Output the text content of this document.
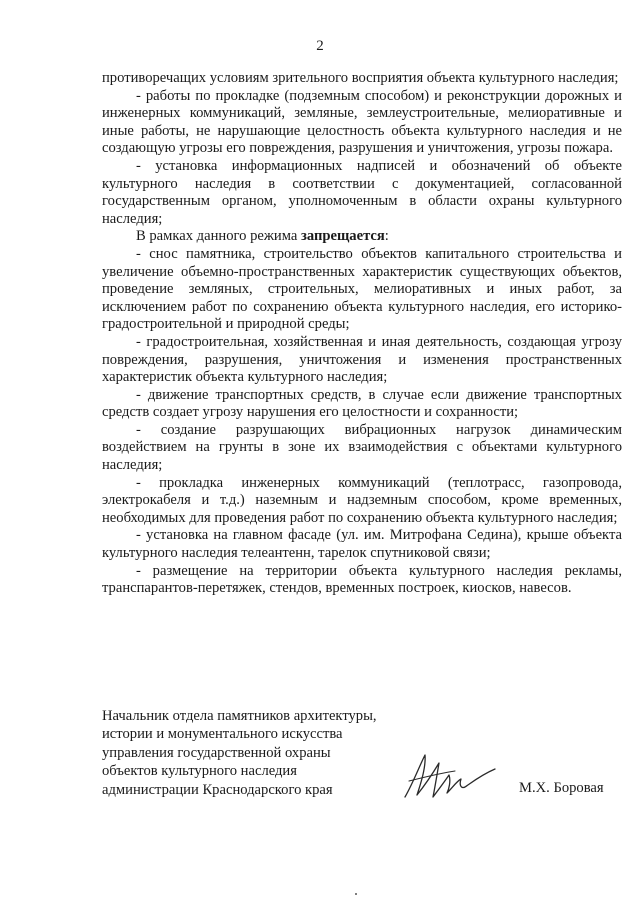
2

противоречащих условиям зрительного восприятия объекта культурного наследия;

- работы по прокладке (подземным способом) и реконструкции дорожных и инженерных коммуникаций, земляные, землеустроительные, мелиоративные и иные работы, не нарушающие целостность объекта культурного наследия и не создающую угрозы его повреждения, разрушения и уничтожения, угрозы пожара.

- установка информационных надписей и обозначений об объекте культурного наследия в соответствии с документацией, согласованной государственным органом, уполномоченным в области охраны культурного наследия;

В рамках данного режима запрещается:

- снос памятника, строительство объектов капитального строительства и увеличение объемно-пространственных характеристик существующих объектов, проведение земляных, строительных, мелиоративных и иных работ, за исключением работ по сохранению объекта культурного наследия, его историко-градостроительной и природной среды;

- градостроительная, хозяйственная и иная деятельность, создающая угрозу повреждения, разрушения, уничтожения и изменения пространственных характеристик объекта культурного наследия;

- движение транспортных средств, в случае если движение транспортных средств создает угрозу нарушения его целостности и сохранности;

- создание разрушающих вибрационных нагрузок динамическим воздействием на грунты в зоне их взаимодействия с объектами культурного наследия;

- прокладка инженерных коммуникаций (теплотрасс, газопровода, электрокабеля и т.д.) наземным и надземным способом, кроме временных, необходимых для проведения работ по сохранению объекта культурного наследия;

- установка на главном фасаде (ул. им. Митрофана Седина), крыше объекта культурного наследия телеантенн, тарелок спутниковой связи;

- размещение на территории объекта культурного наследия рекламы, транспарантов-перетяжек, стендов, временных построек, киосков, навесов.

Начальник отдела памятников архитектуры,
истории и монументального искусства
управления государственной охраны
объектов культурного наследия
администрации Краснодарского края	М.Х. Боровая
